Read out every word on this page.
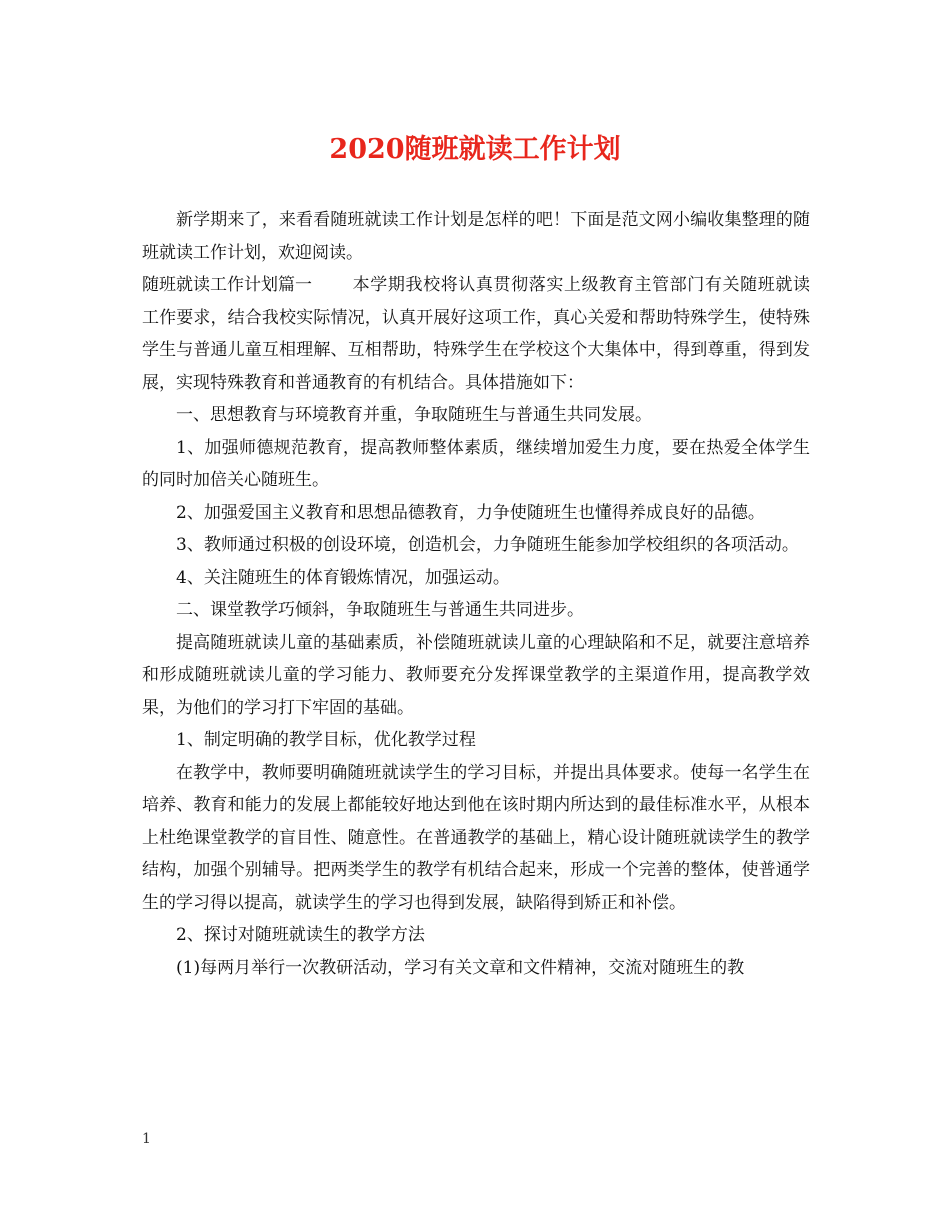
2020随班就读工作计划

新学期来了，来看看随班就读工作计划是怎样的吧！下面是范文网小编收集整理的随班就读工作计划，欢迎阅读。

随班就读工作计划篇一 本学期我校将认真贯彻落实上级教育主管部门有关随班就读工作要求，结合我校实际情况，认真开展好这项工作，真心关爱和帮助特殊学生，使特殊学生与普通儿童互相理解、互相帮助，特殊学生在学校这个大集体中，得到尊重，得到发展，实现特殊教育和普通教育的有机结合。具体措施如下：

一、思想教育与环境教育并重，争取随班生与普通生共同发展。

1、加强师德规范教育，提高教师整体素质，继续增加爱生力度，要在热爱全体学生的同时加倍关心随班生。

2、加强爱国主义教育和思想品德教育，力争使随班生也懂得养成良好的品德。

3、教师通过积极的创设环境，创造机会，力争随班生能参加学校组织的各项活动。

4、关注随班生的体育锻炼情况，加强运动。

二、课堂教学巧倾斜，争取随班生与普通生共同进步。

提高随班就读儿童的基础素质，补偿随班就读儿童的心理缺陷和不足，就要注意培养和形成随班就读儿童的学习能力、教师要充分发挥课堂教学的主渠道作用，提高教学效果，为他们的学习打下牢固的基础。

1、制定明确的教学目标，优化教学过程

在教学中，教师要明确随班就读学生的学习目标，并提出具体要求。使每一名学生在培养、教育和能力的发展上都能较好地达到他在该时期内所达到的最佳标准水平，从根本上杜绝课堂教学的盲目性、随意性。在普通教学的基础上，精心设计随班就读学生的教学结构，加强个别辅导。把两类学生的教学有机结合起来，形成一个完善的整体，使普通学生的学习得以提高，就读学生的学习也得到发展，缺陷得到矫正和补偿。

2、探讨对随班就读生的教学方法

(1)每两月举行一次教研活动，学习有关文章和文件精神，交流对随班生的教

1
